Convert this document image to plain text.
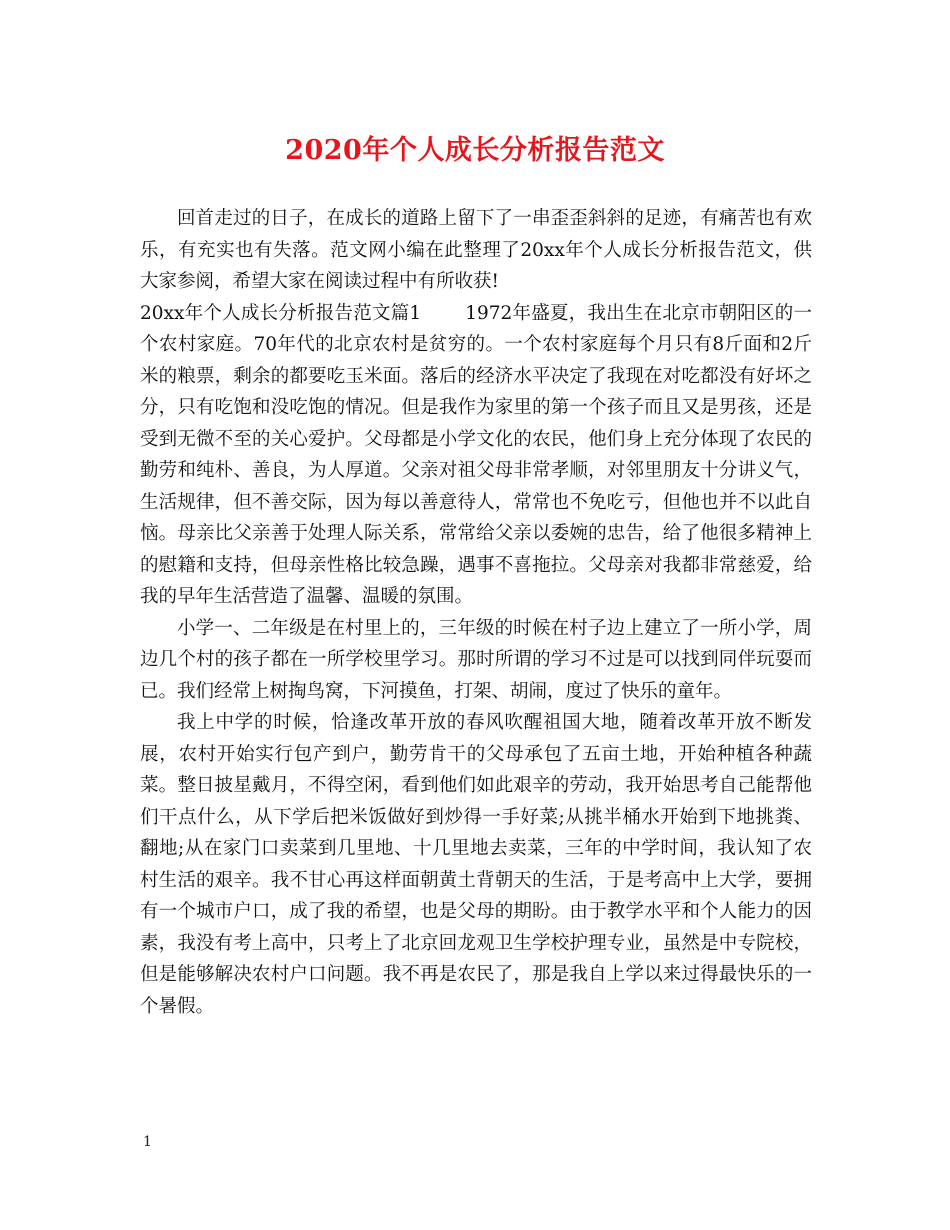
2020年个人成长分析报告范文

回首走过的日子，在成长的道路上留下了一串歪歪斜斜的足迹，有痛苦也有欢乐，有充实也有失落。范文网小编在此整理了20xx年个人成长分析报告范文，供大家参阅，希望大家在阅读过程中有所收获!

20xx年个人成长分析报告范文篇1 1972年盛夏，我出生在北京市朝阳区的一个农村家庭。70年代的北京农村是贫穷的。一个农村家庭每个月只有8斤面和2斤米的粮票，剩余的都要吃玉米面。落后的经济水平决定了我现在对吃都没有好坏之分，只有吃饱和没吃饱的情况。但是我作为家里的第一个孩子而且又是男孩，还是受到无微不至的关心爱护。父母都是小学文化的农民，他们身上充分体现了农民的勤劳和纯朴、善良，为人厚道。父亲对祖父母非常孝顺，对邻里朋友十分讲义气，生活规律，但不善交际，因为每以善意待人，常常也不免吃亏，但他也并不以此自恼。母亲比父亲善于处理人际关系，常常给父亲以委婉的忠告，给了他很多精神上的慰籍和支持，但母亲性格比较急躁，遇事不喜拖拉。父母亲对我都非常慈爱，给我的早年生活营造了温馨、温暖的氛围。

小学一、二年级是在村里上的，三年级的时候在村子边上建立了一所小学，周边几个村的孩子都在一所学校里学习。那时所谓的学习不过是可以找到同伴玩耍而已。我们经常上树掏鸟窝，下河摸鱼，打架、胡闹，度过了快乐的童年。

我上中学的时候，恰逢改革开放的春风吹醒祖国大地，随着改革开放不断发展，农村开始实行包产到户，勤劳肯干的父母承包了五亩土地，开始种植各种蔬菜。整日披星戴月，不得空闲，看到他们如此艰辛的劳动，我开始思考自己能帮他们干点什么，从下学后把米饭做好到炒得一手好菜;从挑半桶水开始到下地挑粪、翻地;从在家门口卖菜到几里地、十几里地去卖菜，三年的中学时间，我认知了农村生活的艰辛。我不甘心再这样面朝黄土背朝天的生活，于是考高中上大学，要拥有一个城市户口，成了我的希望，也是父母的期盼。由于教学水平和个人能力的因素，我没有考上高中，只考上了北京回龙观卫生学校护理专业，虽然是中专院校，但是能够解决农村户口问题。我不再是农民了，那是我自上学以来过得最快乐的一个暑假。

1
